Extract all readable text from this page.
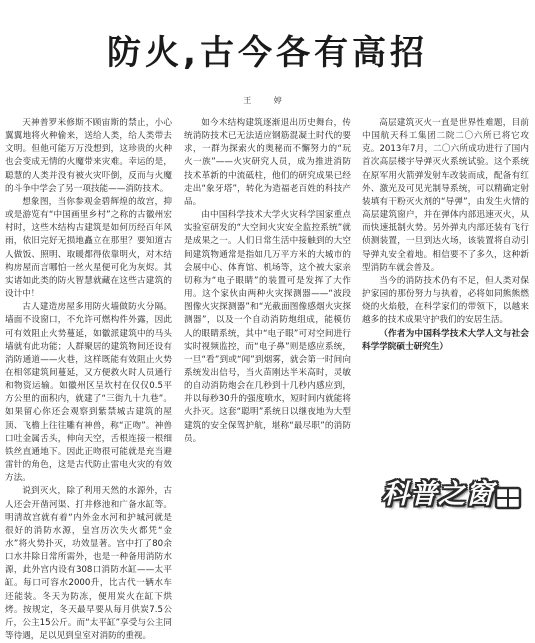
防火,古今各有高招
王 婷

天神普罗米修斯不顾宙斯的禁止，小心翼翼地将火种偷来，送给人类，给人类带去文明。但他可能万万没想到，这珍贵的火种也会变成无情的火魔带来灾难。幸运的是，聪慧的人类并没有被火灾吓倒，反而与火魔的斗争中学会了另一项技能——消防技术。

想象图，当你参观金碧辉煌的故宫，抑或是游览有“中国画里乡村”之称的古徽州宏村时，这些木结构古建筑是如何历经百年风雨，依旧完好无损地矗立在那里？要知道古人做饭、照明、取暖都得依靠明火，对木结构房屋而言哪怕一丝火星便可化为灰烬。其实诸如此类的防火智慧就藏在这些古建筑的设计中！

古人建造房屋多用防火墙做防火分隔。墙面不设窗口，不允许可燃构件外露，因此可有效阻止火势蔓延，如徽派建筑中的马头墙就有此功能；人群聚居的建筑物间还设有消防通道——火巷，这样既能有效阻止火势在相邻建筑间蔓延，又方便救火时人员通行和物资运输。如徽州区呈坎村在仅仅0.5平方公里的面积内，就建了“三街九十九巷”。如果留心你还会观察到紫禁城古建筑的屋顶、飞檐上往往雕有神兽，称“正吻”。神兽口吐金属舌头，伸向天空，舌根连接一根细铁丝直通地下。因此正吻很可能就是充当避雷针的角色，这是古代防止雷电火灾的有效方法。

说到灭火，除了利用天然的水源外，古人还会开凿河渠、打井修池和广备水缸等。明清故宫就有着“内外金水河和护城河就是很好的消防水源，皇宫历次失火都凭“金水”将火势扑灭，功效显著。宫中打了80余口水井除日常所需外，也是一种备用消防水源，此外宫内设有308口消防水缸——太平缸。每口可容水2000升，比古代一辆水车还能装。冬天为防冻，便用炭火在缸下烘烤。按规定，冬天最早要从每月供炭7.5公斤，公主15公斤。而“太平缸”享受与公主同等待遇，足以见到皇室对消防的重视。

如今木结构建筑逐渐退出历史舞台，传统消防技术已无法适应钢筋混凝土时代的要求，一群为探索火的奥秘而不懈努力的“玩火一族”——火灾研究人员，成为推进消防技术革新的中流砥柱，他们的研究成果已经走出“象牙塔”，转化为造福老百姓的科技产品。

由中国科学技术大学火灾科学国家重点实验室研发的“大空间火灾安全监控系统”就是成果之一。人们日常生活中接触到的大空间建筑物通常是指如几万平方米的大城市的会展中心、体育馆、机场等，这个被大家亲切称为“电子眼睛”的装置可是发挥了大作用。这个家伙由两种火灾探测器——“波段图像火灾探测器”和“光截面图像感烟火灾探测器”，以及一个自动消防炮组成，能模仿人的眼睛系统，其中“电子眼”可对空间进行实时视频监控，而“电子鼻”则是感应系统，一旦“看”到或“闻”到烟雾，就会第一时间向系统发出信号，当火苗刚达半米高时，灵敏的自动消防炮会在几秒到十几秒内感应到，并以每秒30升的强度喷水，短时间内就能将火扑灭。这套“聪明”系统日以继夜地为大型建筑的安全保驾护航，堪称“最尽职”的消防员。

高层建筑灭火一直是世界性难题，目前中国航天科工集团二院二〇六所已将它攻克。2013年7月，二〇六所成功进行了国内首次高层楼宇导弹灭火系统试验。这个系统在原军用火箭弹发射车改装而成，配备有红外、激光及可见光制导系统，可以精确定射装填有干粉灭火剂的“导弹”，由发生火情的高层建筑窗户，并在弹体内部迅速灭火，从而快速抵制火势。另外弹丸内部还装有飞行侦测装置，一旦到达火场，该装置将自动引导弹丸安全着地。相信要不了多久，这种新型消防车就会普及。

当今的消防技术仍有不足，但人类对保护家园的那份努力与执着，必将如同熊熊燃烧的火焰般，在科学家们的带领下，以越来越多的技术成果守护我们的安居生活。

（作者为中国科学技术大学人文与社会科学学院硕士研究生）

科普之窗
